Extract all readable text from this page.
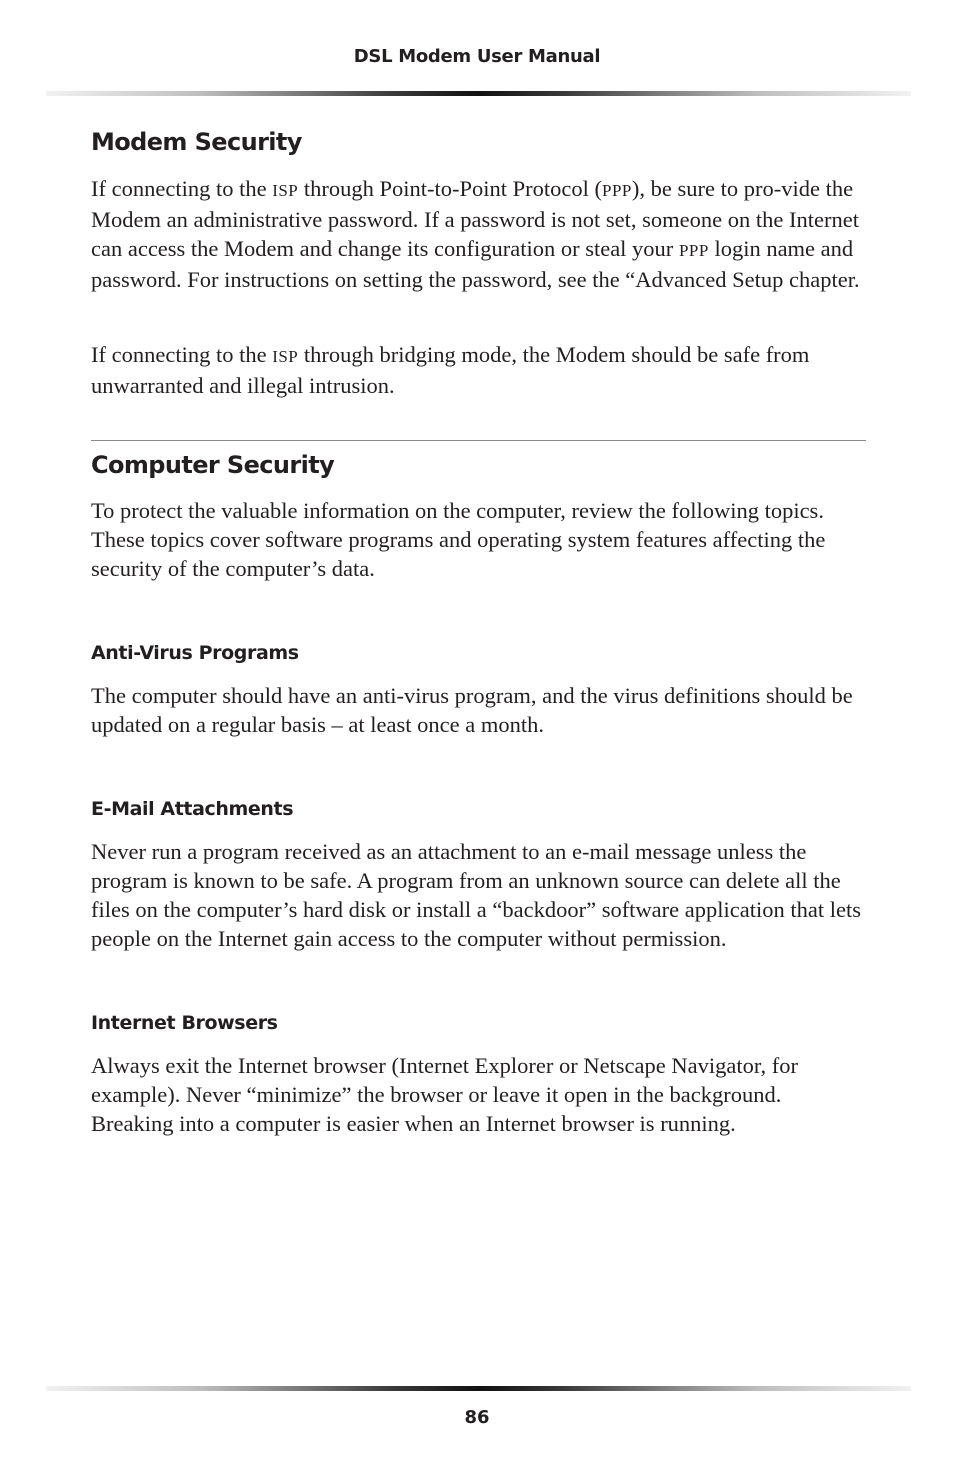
DSL Modem User Manual
Modem Security

If connecting to the ISP through Point-to-Point Protocol (PPP), be sure to pro-vide the Modem an administrative password. If a password is not set, someone on the Internet can access the Modem and change its configuration or steal your PPP login name and password. For instructions on setting the password, see the “Advanced Setup chapter.

If connecting to the ISP through bridging mode, the Modem should be safe from unwarranted and illegal intrusion.

Computer Security

To protect the valuable information on the computer, review the following topics. These topics cover software programs and operating system features affecting the security of the computer’s data.

Anti-Virus Programs

The computer should have an anti-virus program, and the virus definitions should be updated on a regular basis – at least once a month.

E-Mail Attachments

Never run a program received as an attachment to an e-mail message unless the program is known to be safe. A program from an unknown source can delete all the files on the computer’s hard disk or install a “backdoor” software application that lets people on the Internet gain access to the computer without permission.

Internet Browsers

Always exit the Internet browser (Internet Explorer or Netscape Navigator, for example). Never “minimize” the browser or leave it open in the background. Breaking into a computer is easier when an Internet browser is running.

86
